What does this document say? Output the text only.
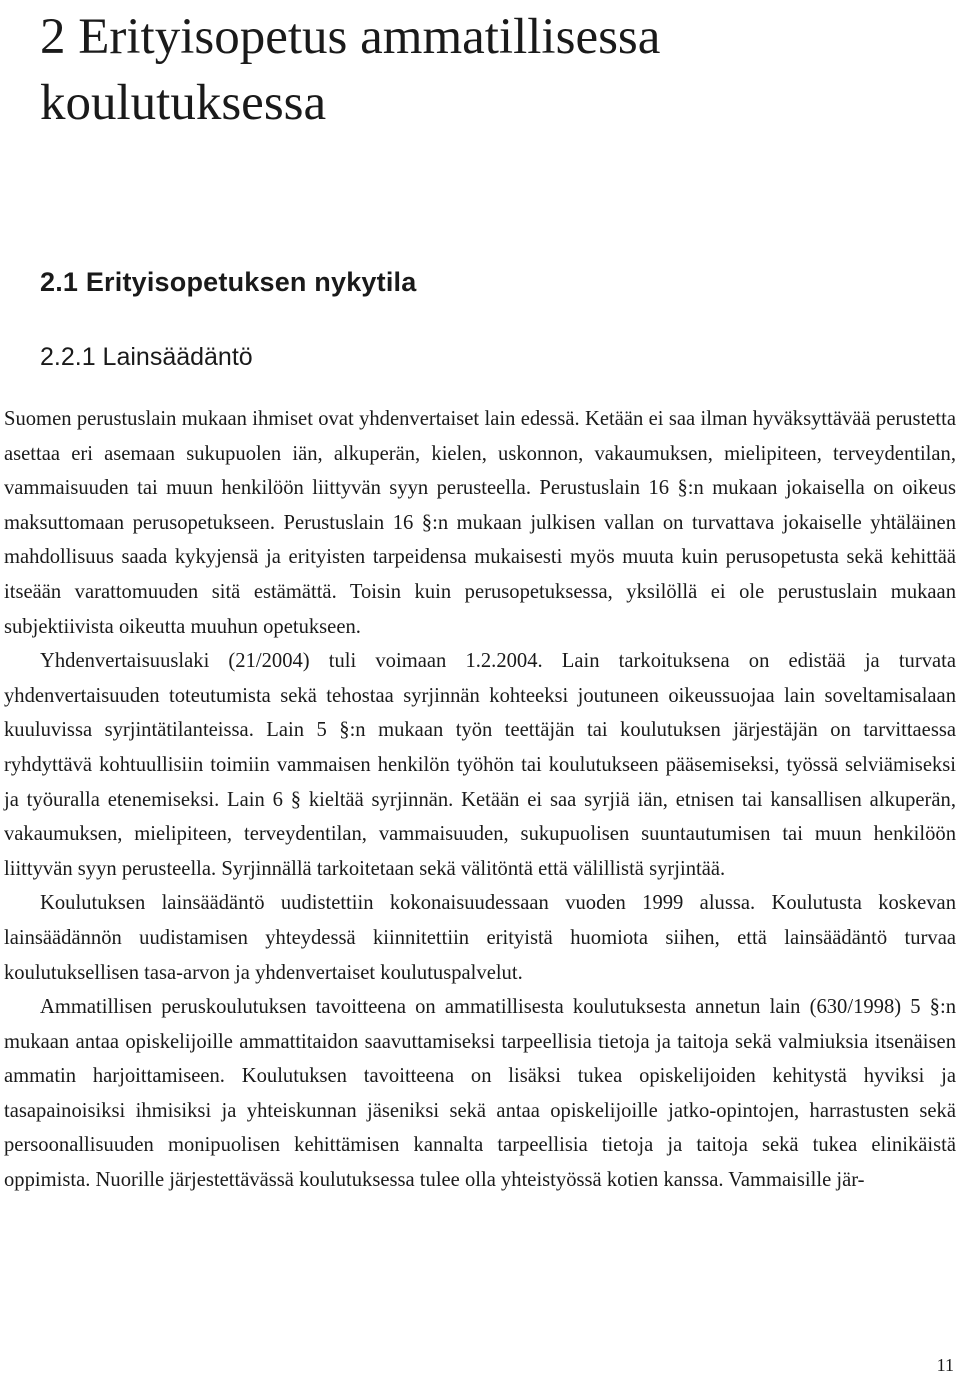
2 Erityisopetus ammatillisessa koulutuksessa
2.1 Erityisopetuksen nykytila
2.2.1 Lainsäädäntö

Suomen perustuslain mukaan ihmiset ovat yhdenvertaiset lain edessä. Ketään ei saa ilman hyväksyttävää perustetta asettaa eri asemaan sukupuolen iän, alkuperän, kielen, uskonnon, vakaumuksen, mielipiteen, terveydentilan, vammaisuuden tai muun henkilöön liittyvän syyn perusteella. Perustuslain 16 §:n mukaan jokaisella on oikeus maksuttomaan perusopetukseen. Perustuslain 16 §:n mukaan julkisen vallan on turvattava jokaiselle yhtäläinen mahdollisuus saada kykyjensä ja erityisten tarpeidensa mukaisesti myös muuta kuin perusopetusta sekä kehittää itseään varattomuuden sitä estämättä. Toisin kuin perusopetuksessa, yksilöllä ei ole perustuslain mukaan subjektiivista oikeutta muuhun opetukseen.

Yhdenvertaisuuslaki (21/2004) tuli voimaan 1.2.2004. Lain tarkoituksena on edistää ja turvata yhdenvertaisuuden toteutumista sekä tehostaa syrjinnän kohteeksi joutuneen oikeussuojaa lain soveltamisalaan kuuluvissa syrjintätilanteissa. Lain 5 §:n mukaan työn teettäjän tai koulutuksen järjestäjän on tarvittaessa ryhdyttävä kohtuullisiin toimiin vammaisen henkilön työhön tai koulutukseen pääsemiseksi, työssä selviämiseksi ja työuralla etenemiseksi. Lain 6 § kieltää syrjinnän. Ketään ei saa syrjiä iän, etnisen tai kansallisen alkuperän, vakaumuksen, mielipiteen, terveydentilan, vammaisuuden, sukupuolisen suuntautumisen tai muun henkilöön liittyvän syyn perusteella. Syrjinnällä tarkoitetaan sekä välitöntä että välillistä syrjintää.

Koulutuksen lainsäädäntö uudistettiin kokonaisuudessaan vuoden 1999 alussa. Koulutusta koskevan lainsäädännön uudistamisen yhteydessä kiinnitettiin erityistä huomiota siihen, että lainsäädäntö turvaa koulutuksellisen tasa-arvon ja yhdenvertaiset koulutuspalvelut.

Ammatillisen peruskoulutuksen tavoitteena on ammatillisesta koulutuksesta annetun lain (630/1998) 5 §:n mukaan antaa opiskelijoille ammattitaidon saavuttamiseksi tarpeellisia tietoja ja taitoja sekä valmiuksia itsenäisen ammatin harjoittamiseen. Koulutuksen tavoitteena on lisäksi tukea opiskelijoiden kehitystä hyviksi ja tasapainoisiksi ihmisiksi ja yhteiskunnan jäseniksi sekä antaa opiskelijoille jatko-opintojen, harrastusten sekä persoonallisuuden monipuolisen kehittämisen kannalta tarpeellisia tietoja ja taitoja sekä tukea elinikäistä oppimista. Nuorille järjestettävässä koulutuksessa tulee olla yhteistyössä kotien kanssa. Vammaisille jär-

11
